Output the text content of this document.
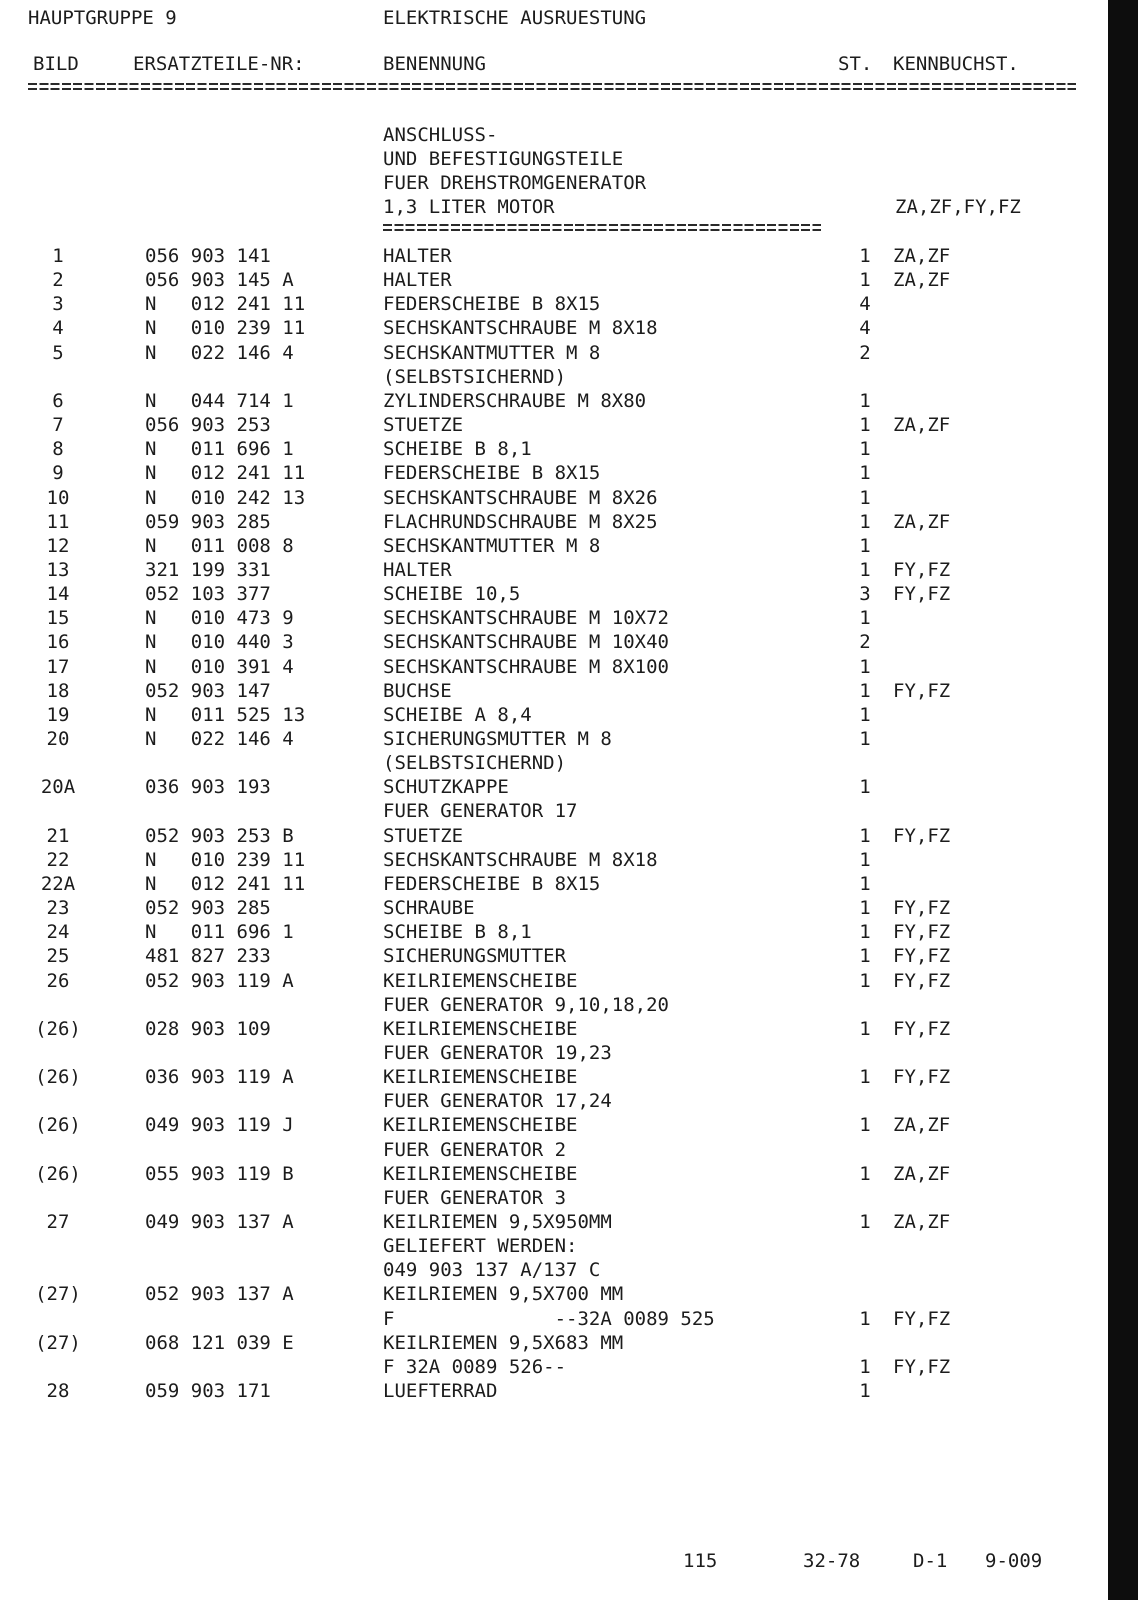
HAUPTGRUPPE 9	ELEKTRISCHE AUSRUESTUNG
BILD	ERSATZTEILE-NR:	BENENNUNG	ST. KENNBUCHST.
ANSCHLUSS-
UND BEFESTIGUNGSTEILE
FUER DREHSTROMGENERATOR
1,3 LITER MOTOR	ZA,ZF,FY,FZ
1	056 903 141	HALTER	1 ZA,ZF
2	056 903 145 A	HALTER	1 ZA,ZF
3	N   012 241 11	FEDERSCHEIBE B 8X15	4
4	N   010 239 11	SECHSKANTSCHRAUBE M 8X18	4
5	N   022 146 4	SECHSKANTMUTTER M 8	2
(SELBSTSICHERND)
6	N   044 714 1	ZYLINDERSCHRAUBE M 8X80	1
7	056 903 253	STUETZE	1 ZA,ZF
8	N   011 696 1	SCHEIBE B 8,1	1
9	N   012 241 11	FEDERSCHEIBE B 8X15	1
10	N   010 242 13	SECHSKANTSCHRAUBE M 8X26	1
11	059 903 285	FLACHRUNDSCHRAUBE M 8X25	1 ZA,ZF
12	N   011 008 8	SECHSKANTMUTTER M 8	1
13	321 199 331	HALTER	1 FY,FZ
14	052 103 377	SCHEIBE 10,5	3 FY,FZ
15	N   010 473 9	SECHSKANTSCHRAUBE M 10X72	1
16	N   010 440 3	SECHSKANTSCHRAUBE M 10X40	2
17	N   010 391 4	SECHSKANTSCHRAUBE M 8X100	1
18	052 903 147	BUCHSE	1 FY,FZ
19	N   011 525 13	SCHEIBE A 8,4	1
20	N   022 146 4	SICHERUNGSMUTTER M 8	1
(SELBSTSICHERND)
20A	036 903 193	SCHUTZKAPPE	1
FUER GENERATOR 17
21	052 903 253 B	STUETZE	1 FY,FZ
22	N   010 239 11	SECHSKANTSCHRAUBE M 8X18	1
22A	N   012 241 11	FEDERSCHEIBE B 8X15	1
23	052 903 285	SCHRAUBE	1 FY,FZ
24	N   011 696 1	SCHEIBE B 8,1	1 FY,FZ
25	481 827 233	SICHERUNGSMUTTER	1 FY,FZ
26	052 903 119 A	KEILRIEMENSCHEIBE	1 FY,FZ
FUER GENERATOR 9,10,18,20
(26)	028 903 109	KEILRIEMENSCHEIBE	1 FY,FZ
FUER GENERATOR 19,23
(26)	036 903 119 A	KEILRIEMENSCHEIBE	1 FY,FZ
FUER GENERATOR 17,24
(26)	049 903 119 J	KEILRIEMENSCHEIBE	1 ZA,ZF
FUER GENERATOR 2
(26)	055 903 119 B	KEILRIEMENSCHEIBE	1 ZA,ZF
FUER GENERATOR 3
27	049 903 137 A	KEILRIEMEN 9,5X950MM	1 ZA,ZF
GELIEFERT WERDEN:
049 903 137 A/137 C
(27)	052 903 137 A	KEILRIEMEN 9,5X700 MM
F              --32A 0089 525	1 FY,FZ
(27)	068 121 039 E	KEILRIEMEN 9,5X683 MM
F 32A 0089 526--	1 FY,FZ
28	059 903 171	LUEFTERRAD	1
115	32-78	D-1 9-009
